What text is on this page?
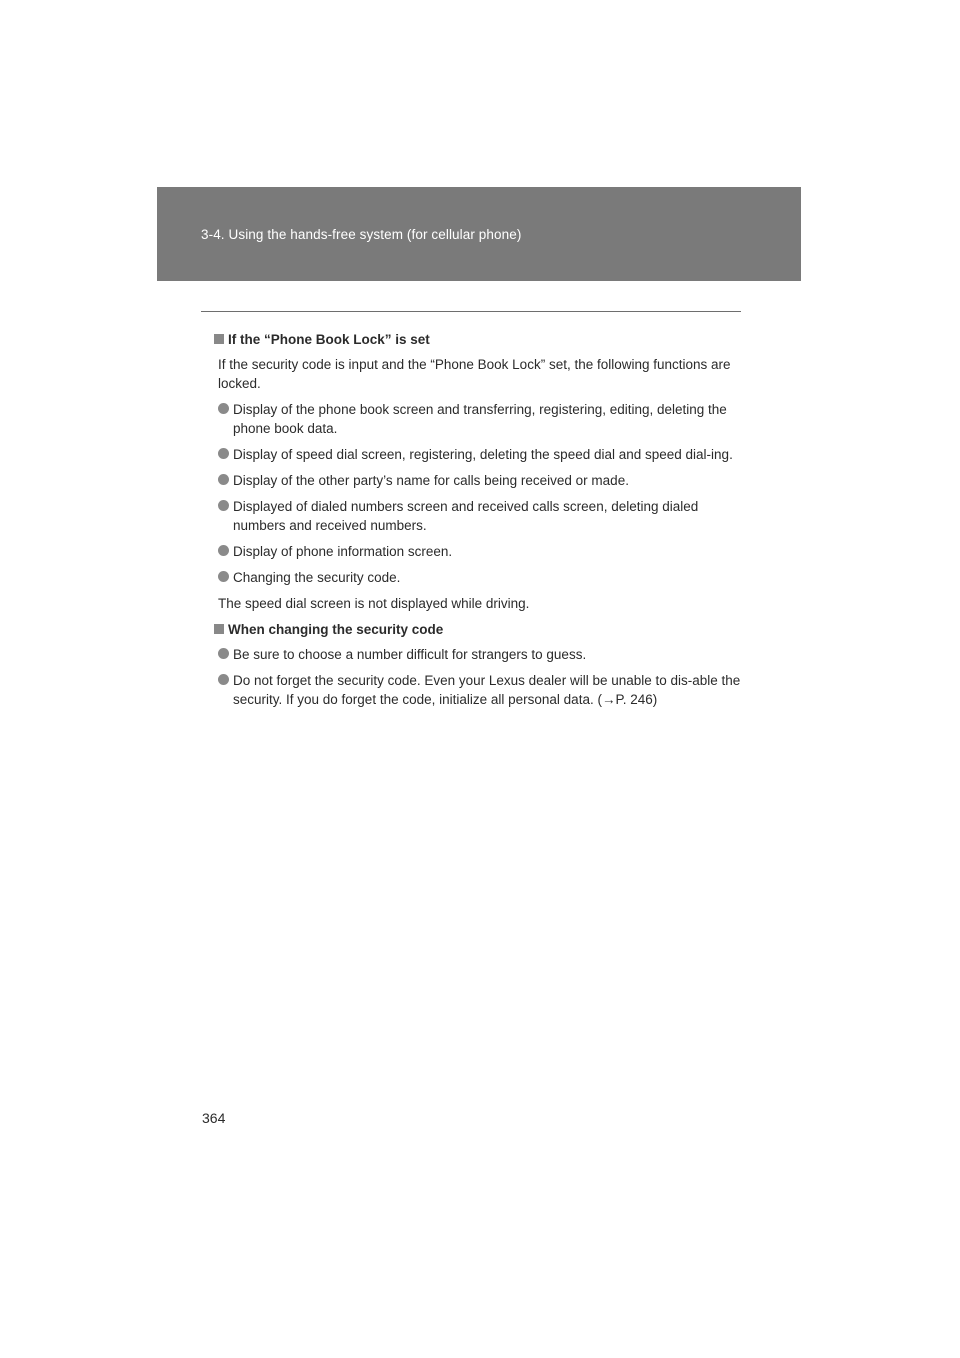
3-4. Using the hands-free system (for cellular phone)
If the “Phone Book Lock” is set
If the security code is input and the “Phone Book Lock” set, the following functions are locked.
Display of the phone book screen and transferring, registering, editing, deleting the phone book data.
Display of speed dial screen, registering, deleting the speed dial and speed dial-ing.
Display of the other party’s name for calls being received or made.
Displayed of dialed numbers screen and received calls screen, deleting dialed numbers and received numbers.
Display of phone information screen.
Changing the security code.
The speed dial screen is not displayed while driving.
When changing the security code
Be sure to choose a number difficult for strangers to guess.
Do not forget the security code. Even your Lexus dealer will be unable to dis-able the security. If you do forget the code, initialize all personal data. (→P. 246)
364
